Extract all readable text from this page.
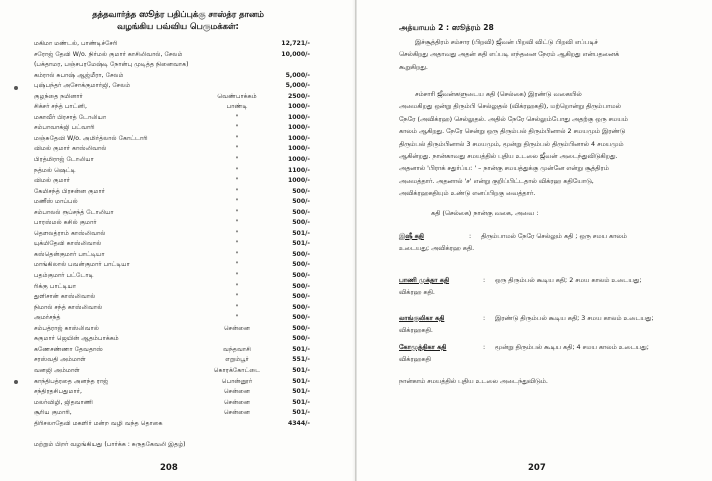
தத்தவார்த்த ஸூத்ர பதிப்புக்கு சாஸ்த்ர தானம்
வழங்கிய பவ்விய பெருமக்கள்:
மகிமா மண்டல், பாண்டிச்சேரி	12,721/-
சரோஜ் தேவி W/o. நிர்மல் குமார் காசிலிவால், சேலம்	10,000/-
(பக்தாமர, பஞ்சபரமேஷ்டி நோன்பு முடித்த நினைவாக)
கம்ரால் சுபாஷ் ஆஜ்மீரா, சேலம்	5,000/-
புஷ்பந்தர் அசோக்குமார்ஜி, சேலம்	5,000/-
குழந்தை நமினார்	வெண்பாக்கம்	2500/-
சிக்சர் சந்த் பாட்னி,	பாண்டி	1000/-
மகாவீர் பிரசாத் டோலியா	"	1000/-
சம்பாவாக்ஜி பட்வாரி	"	1000/-
மஞ்சுதேவி W/o. அமிர்த்லால் கோட்டாரி	"	1000/-
விமல் குமார் காஸ்லிவால்	"	1000/-
பிரத்மிராஜ் டோலியா	"	1000/-
நத்மல் ஷெட்டி	"	1100/-
விமல் குமார்	"	1000/-
கேமிசந்த் பிரசன்ன குமார்	"	500/-
மணீஸ் மாப்பல்	"	500/-
சம்பாலல் ரூப்சந்த் டோலியா	"	500/-
பாரஸ்மல் கசில் குமார்	"	500/-
தௌலத்ராம் காஸ்லிவால்	"	501/-
யுக்மிதேவி காஸ்லிவால்	"	501/-
கஸ்தென்குமார் பாட்டியா	"	500/-
மாங்கிலால் பவன்குமார் பாட்டியா	"	500/-
பதம்குமார் பட்டோடி	"	500/-
ரிக்கு பாட்டியா	"	500/-
துளிசான் காஸ்லிவால்	"	500/-
நிமால் சந்த் காஸ்லிவால்	"	500/-
அமர்சந்த்	"	500/-
சம்பத்ராஜ் காஸ்லிவால்	சென்னை	500/-
சுகுமார் ஜெயின் ஆதம்பாக்கம்	500/-
கணேசண்ணா தேவதாஸ்	வந்தவாசி	501/-
சரஸ்வதி அம்மாள்	எறும்பூர்	551/-
வனஜி அம்மாள்	கொரக்கோட்டை	501/-
காந்திபத்ரதை அனந்த ராஜ்	பொன்னூர்	501/-
சந்திரதசிபதுமார்,	சென்னை	501/-
மலர்விழி, ஜிதவாணி	சென்னை	501/-
சூரிய குமாரி,	சென்னை	501/-
திரிசலாதேவி மகளிர் மன்ற வழி வந்த தொகை	4344/-
மற்றும் பிறர் வழங்கியது (பார்க்க : சுருதகேவலி இதழ்)
208
அத்யாயம் 2 : ஸூத்ரம் 28
இச்சூத்திரம் சம்சார (பிறவி) ஜீவன் பிறவி விட்டு பிறவி எப்படிச்
செல்கிறது அதாவது அதன் கதி எப்படி எந்தனை நேரம் ஆகிறது என்பதனைக்
கூறுகிறது.
சம்சாரி ஜீவன்களுடைய கதி (செல்கை) இரண்டு வகையில்
அமைகிறது ஒன்று திரும்பி செல்லுதல் (விக்ரஹகதி), மற்றொன்று திரும்பாமல்
நேரே (அவிக்ரஹ) செல்லுதல். அதில் நேரே செல்லும்போது அதற்கு ஒரு சமயம்
காலம் ஆகிறது. நேரே சென்று ஒரு திரும்பல் திரும்பினால் 2 சமயமும் இரண்டு
திரும்பல் திரும்பினால் 3 சமயமும், மூன்று திரும்பல் திரும்பினால் 4 சமயமும்
ஆகின்றது. நான்காவது சமயத்தில் புதிய உடலை ஜீவன் அடைந்துவிடுகிறது.
அதனால் 'பிராக் சதுர்ப்ய: ' – நான்கு சமயத்துக்கு முன்னே என்று சூத்திரம்
அமைத்தார். அதனால் 'ச' என்று குறிப்பிட்டதால் விக்ரஹ கதியோடு,
அவிக்ரஹகதியும் உண்டு எனப்பிறகு வைத்தார்.
கதி (செல்கை) நான்கு வகை, அவை :
இஷீ கதி	: திரும்பாமல் நேரே செல்லும் கதி ; ஒரு சமய காலம்
உடையது; அவிக்ரஹ கதி.
பாணி முக்தா கதி	: ஒரு திரும்பல் கூடிய கதி; 2 சமய காலம் உடையது;
விக்ரஹ கதி.
லாங்குலிகா கதி	: இரண்டு திரும்பல் கூடிய கதி; 3 சமய காலம் உடையது;
விக்ரஹகதி.
கோமூத்திகா கதி	: மூன்று திரும்பல் கூடிய கதி; 4 சமய காலம் உடையது;
விக்ரஹகதி
நான்காம் சமயத்தில் புதிய உடலை அடைந்துவிடும்.
207
